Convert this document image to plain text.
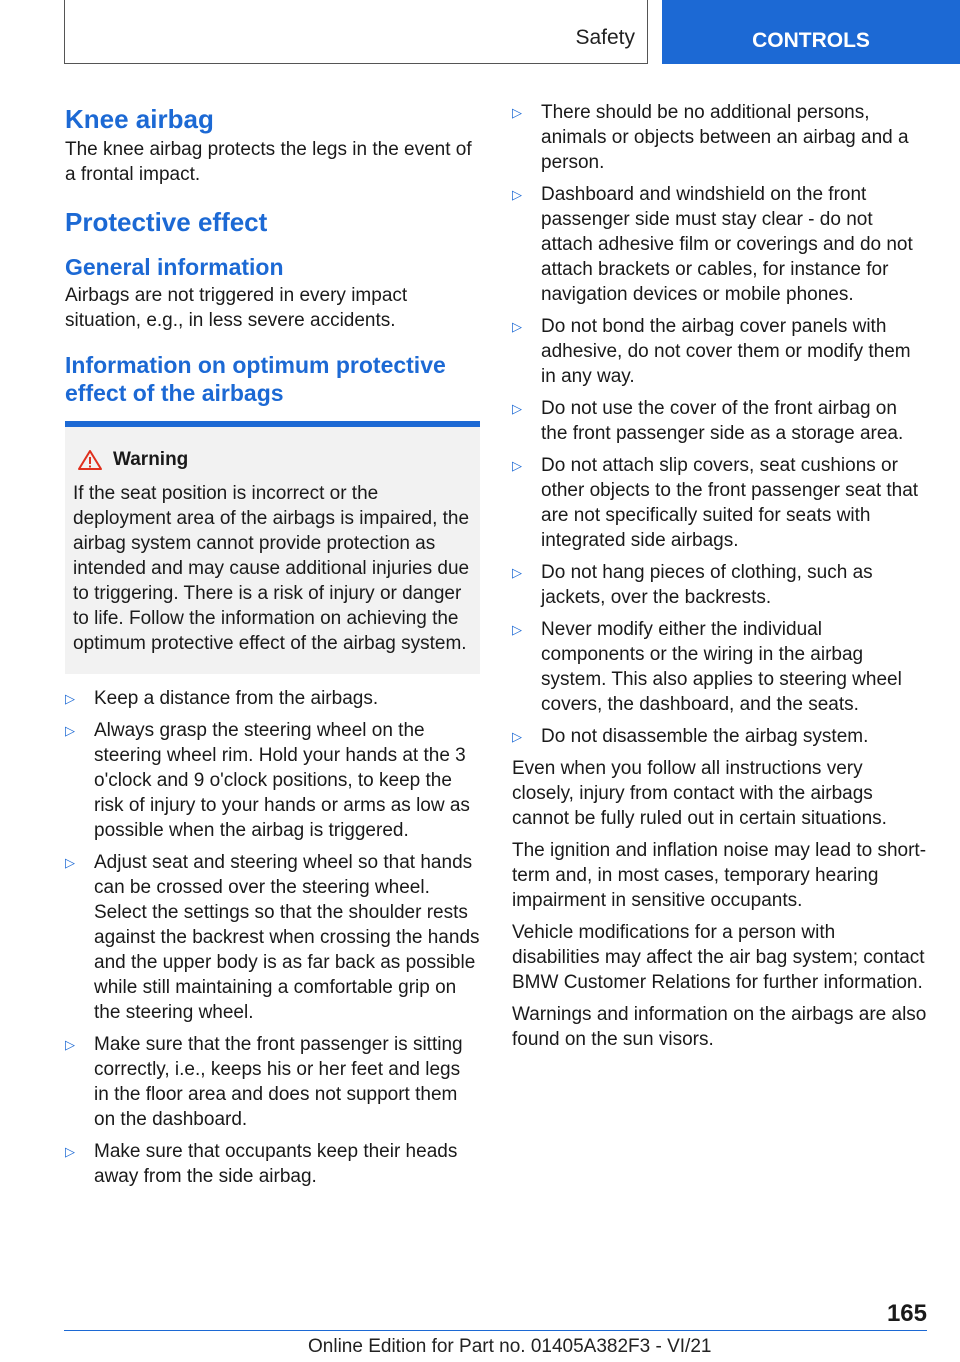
Safety	CONTROLS
Knee airbag

The knee airbag protects the legs in the event of a frontal impact.

Protective effect
General information

Airbags are not triggered in every impact situation, e.g., in less severe accidents.

Information on optimum protective effect of the airbags
Warning
If the seat position is incorrect or the deployment area of the airbags is impaired, the airbag system cannot provide protection as intended and may cause additional injuries due to triggering. There is a risk of injury or danger to life. Follow the information on achieving the optimum protective effect of the airbag system.
▷ Keep a distance from the airbags.
▷ Always grasp the steering wheel on the steering wheel rim. Hold your hands at the 3 o'clock and 9 o'clock positions, to keep the risk of injury to your hands or arms as low as possible when the airbag is triggered.
▷ Adjust seat and steering wheel so that hands can be crossed over the steering wheel. Select the settings so that the shoulder rests against the backrest when crossing the hands and the upper body is as far back as possible while still maintaining a comfortable grip on the steering wheel.
▷ Make sure that the front passenger is sitting correctly, i.e., keeps his or her feet and legs in the floor area and does not support them on the dashboard.
▷ Make sure that occupants keep their heads away from the side airbag.
▷ There should be no additional persons, animals or objects between an airbag and a person.
▷ Dashboard and windshield on the front passenger side must stay clear - do not attach adhesive film or coverings and do not attach brackets or cables, for instance for navigation devices or mobile phones.
▷ Do not bond the airbag cover panels with adhesive, do not cover them or modify them in any way.
▷ Do not use the cover of the front airbag on the front passenger side as a storage area.
▷ Do not attach slip covers, seat cushions or other objects to the front passenger seat that are not specifically suited for seats with integrated side airbags.
▷ Do not hang pieces of clothing, such as jackets, over the backrests.
▷ Never modify either the individual components or the wiring in the airbag system. This also applies to steering wheel covers, the dashboard, and the seats.
▷ Do not disassemble the airbag system.

Even when you follow all instructions very closely, injury from contact with the airbags cannot be fully ruled out in certain situations.

The ignition and inflation noise may lead to short-term and, in most cases, temporary hearing impairment in sensitive occupants.

Vehicle modifications for a person with disabilities may affect the air bag system; contact BMW Customer Relations for further information.

Warnings and information on the airbags are also found on the sun visors.

165
Online Edition for Part no. 01405A382F3 - VI/21
